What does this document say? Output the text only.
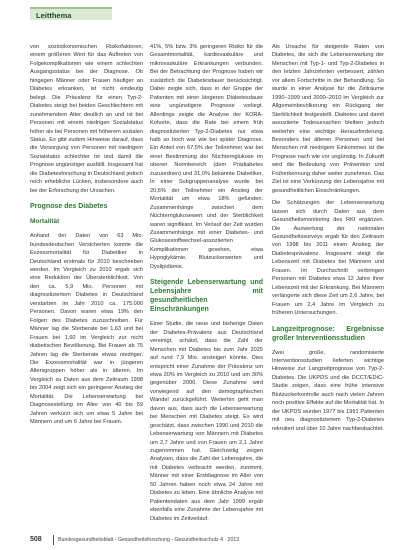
Leitthema

von sozioökonomischen Risikofaktoren, einem größeren Wert für das Auftreten von Folgekomplikationen wie einem schlechten Ausgangsstatus bei der Diagnose. Ob hingegen Männer oder Frauen häufiger an Diabetes erkranken, ist nicht eindeutig belegt. Die Prävalenz für einen Typ-2-Diabetes steigt bei beiden Geschlechtern mit zunehmendem Alter deutlich an und ist bei Personen mit einem niedrigen Sozialstatus höher als bei Personen mit höherem sozialen Status. Es gibt zudem Hinweise darauf, dass die Versorgung von Personen mit niedrigem Sozialstatus schlechter ist und damit die Prognose ungünstiger ausfällt. Insgesamt hat die Diabetesforschung in Deutschland jedoch noch erhebliche Lücken, insbesondere auch bei der Erforschung der Ursachen.

Prognose des Diabetes
Mortalität

Anhand der Daten von 63 Mio. bundesdeutschen Versicherten konnte die Exzessmortalität für Diabetiker in Deutschland erstmals für 2010 beschrieben werden. Im Vergleich zu 2010 ergab sich eine Reduktion der Übersterblichkeit. Von den ca. 5,9 Mio. Personen mit diagnostiziertem Diabetes in Deutschland verstarben im Jahr 2010 ca. 175.000 Personen. Davon waren etwa 19% den Folgen des Diabetes zuzuschreiben. Für Männer lag die Sterberate bei 1,63 und bei Frauen bei 1,60 im Vergleich zur nicht diabetischen Bevölkerung. Bei Frauen ab 75 Jahren lag die Sterberate etwas niedriger. Die Exzessmortalität war in jüngeren Altersgruppen höher als in älteren. Im Vergleich zu Daten aus dem Zeitraum 1998 bis 2004 zeigt sich ein geringerer Anstieg der Mortalität. Die Lebenserwartung bei Diagnosestellung im Alter von 40 bis 59 Jahren verkürzt sich um etwa 5 Jahre bei Männern und um 6 Jahre bei Frauen.

41%, 5% bzw. 3% geringeren Risiko für die Gesamtmortalität, kardiovaskuläre und mikrovaskuläre Erkrankungen verbunden. Bei der Betrachtung der Prognose haben wir zusätzlich die Diabetesdauer berücksichtigt. Dabei zeigte sich, dass in der Gruppe der Patienten mit einer längeren Diabetesdauer eine ungünstigere Prognose vorliegt. Allerdings zeigte die Analyse der KORA-Kohorte, dass die Rate bei einem früh diagnostizierten Typ-2-Diabetes nur etwa halb so hoch war wie bei später Diagnose. Ein Anteil von 67,5% der Teilnehmer war bei einer Bestimmung der Nüchternglukose im oberen Normbereich (dem Prädiabetes zuzuordnen) und 31,0% bekannte Diabetiker. In einer Subgruppenanalyse wurde bei 20,6% der Teilnehmer ein Anstieg der Mortalität um etwa 18% gefunden. Zusammenhänge zwischen dem Nüchternglukosewert und der Sterblichkeit waren signifikant. Im Verlauf der Zeit wurden Zusammenhänge mit einer Diabetes- und Glukosestoffwechsel-assoziierten Komplikationen gesehen, etwa Hypoglykämie, Blutzuckerwerten und Dyslipidämie.

Steigende Lebenserwartung und Lebensjahre mit gesundheitlichen Einschränkungen

Einer Studie, die neue und bisherige Daten der Diabetes-Prävalenz aus Deutschland vereinigt, schätzt, dass die Zahl der Menschen mit Diabetes bis zum Jahr 2025 auf rund 7,9 Mio. ansteigen könnte. Dies entspricht einer Zunahme der Prävalenz um etwa 20% im Vergleich zu 2010 und um 30% gegenüber 2000. Diese Zunahme wird vorwiegend auf den demographischen Wandel zurückgeführt. Weiterhin geht man davon aus, dass auch die Lebenserwartung bei Menschen mit Diabetes steigt. Es wird geschätzt, dass zwischen 1990 und 2010 die Lebenserwartung von Männern mit Diabetes um 2,7 Jahre und von Frauen um 2,1 Jahre zugenommen hat. Gleichzeitig zeigen Analysen, dass die Zahl der Lebensjahre, die mit Diabetes verbracht werden, zunimmt. Männer mit einer Erstdiagnose im Alter von 50 Jahren haben noch etwa 24 Jahre mit Diabetes zu leben. Eine ähnliche Analyse mit Patientendaten aus dem Jahr 1999 ergab ebenfalls eine Zunahme der Lebensjahre mit Diabetes im Zeitverlauf.

Als Ursache für steigende Raten von Diabetes, die sich die Lebenserwartung der Menschen mit Typ-1- und Typ-2-Diabetes in den letzten Jahrzehnten verbessert, zählen vor allem Fortschritte in der Behandlung. So wurde in einer Analyse für die Zeiträume 1990–1999 und 2000–2010 im Vergleich zur Allgemeinbevölkerung ein Rückgang der Sterblichkeit festgestellt. Diabetes und damit assoziierte Todesursachen bleiben jedoch weiterhin eine wichtige Herausforderung. Besonders bei älteren Personen und bei Menschen mit niedrigem Einkommen ist die Prognose nach wie vor ungünstig. In Zukunft wird die Bedeutung von Prävention und Früherkennung daher weiter zunehmen. Das Ziel ist eine Verkürzung der Lebensjahre mit gesundheitlichen Einschränkungen.

Die Schätzungen der Lebenserwartung lassen sich durch Daten aus dem Gesundheitsmonitoring des RKI ergänzen. Die Auswertung der nationalen Gesundheitssurveys ergab für den Zeitraum von 1998 bis 2011 einen Anstieg der Diabetesprävalenz. Insgesamt steigt die Lebenszeit mit Diabetes bei Männern und Frauen. Im Durchschnitt verbringen Personen mit Diabetes etwa 12 Jahre ihrer Lebenszeit mit der Erkrankung. Bei Männern verlängerte sich diese Zeit um 2,6 Jahre, bei Frauen um 2,4 Jahre im Vergleich zu früheren Untersuchungen.

Langzeitprognose: Ergebnisse großer Interventionsstudien

Zwei große, randomisierte Interventionsstudien lieferten wichtige Hinweise zur Langzeitprognose von Typ-2-Diabetes. Die UKPDS und die DCCT/EDIC-Studie zeigen, dass eine frühe intensive Blutzuckerkontrolle auch nach vielen Jahren noch positive Effekte auf die Mortalität hat. In der UKPDS wurden 1977 bis 1991 Patienten mit neu diagnostiziertem Typ-2-Diabetes rekrutiert und über 10 Jahre nachbeobachtet.

508	Bundesgesundheitsblatt - Gesundheitsforschung - Gesundheitsschutz 4 · 2013
